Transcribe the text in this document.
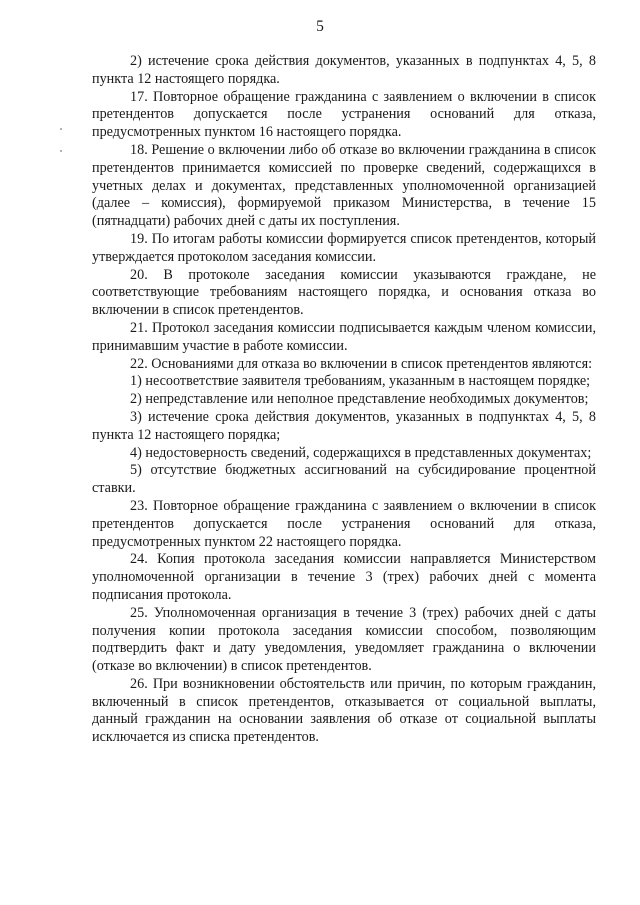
5

2) истечение срока действия документов, указанных в подпунктах 4, 5, 8 пункта 12 настоящего порядка.

17. Повторное обращение гражданина с заявлением о включении в список претендентов допускается после устранения оснований для отказа, предусмотренных пунктом 16 настоящего порядка.

18. Решение о включении либо об отказе во включении гражданина в список претендентов принимается комиссией по проверке сведений, содержащихся в учетных делах и документах, представленных уполномоченной организацией (далее – комиссия), формируемой приказом Министерства, в течение 15 (пятнадцати) рабочих дней с даты их поступления.

19. По итогам работы комиссии формируется список претендентов, который утверждается протоколом заседания комиссии.

20. В протоколе заседания комиссии указываются граждане, не соответствующие требованиям настоящего порядка, и основания отказа во включении в список претендентов.

21. Протокол заседания комиссии подписывается каждым членом комиссии, принимавшим участие в работе комиссии.

22. Основаниями для отказа во включении в список претендентов являются:

1) несоответствие заявителя требованиям, указанным в настоящем порядке;

2) непредставление или неполное представление необходимых документов;

3) истечение срока действия документов, указанных в подпунктах 4, 5, 8 пункта 12 настоящего порядка;

4) недостоверность сведений, содержащихся в представленных документах;

5) отсутствие бюджетных ассигнований на субсидирование процентной ставки.

23. Повторное обращение гражданина с заявлением о включении в список претендентов допускается после устранения оснований для отказа, предусмотренных пунктом 22 настоящего порядка.

24. Копия протокола заседания комиссии направляется Министерством уполномоченной организации в течение 3 (трех) рабочих дней с момента подписания протокола.

25. Уполномоченная организация в течение 3 (трех) рабочих дней с даты получения копии протокола заседания комиссии способом, позволяющим подтвердить факт и дату уведомления, уведомляет гражданина о включении (отказе во включении) в список претендентов.

26. При возникновении обстоятельств или причин, по которым гражданин, включенный в список претендентов, отказывается от социальной выплаты, данный гражданин на основании заявления об отказе от социальной выплаты исключается из списка претендентов.
